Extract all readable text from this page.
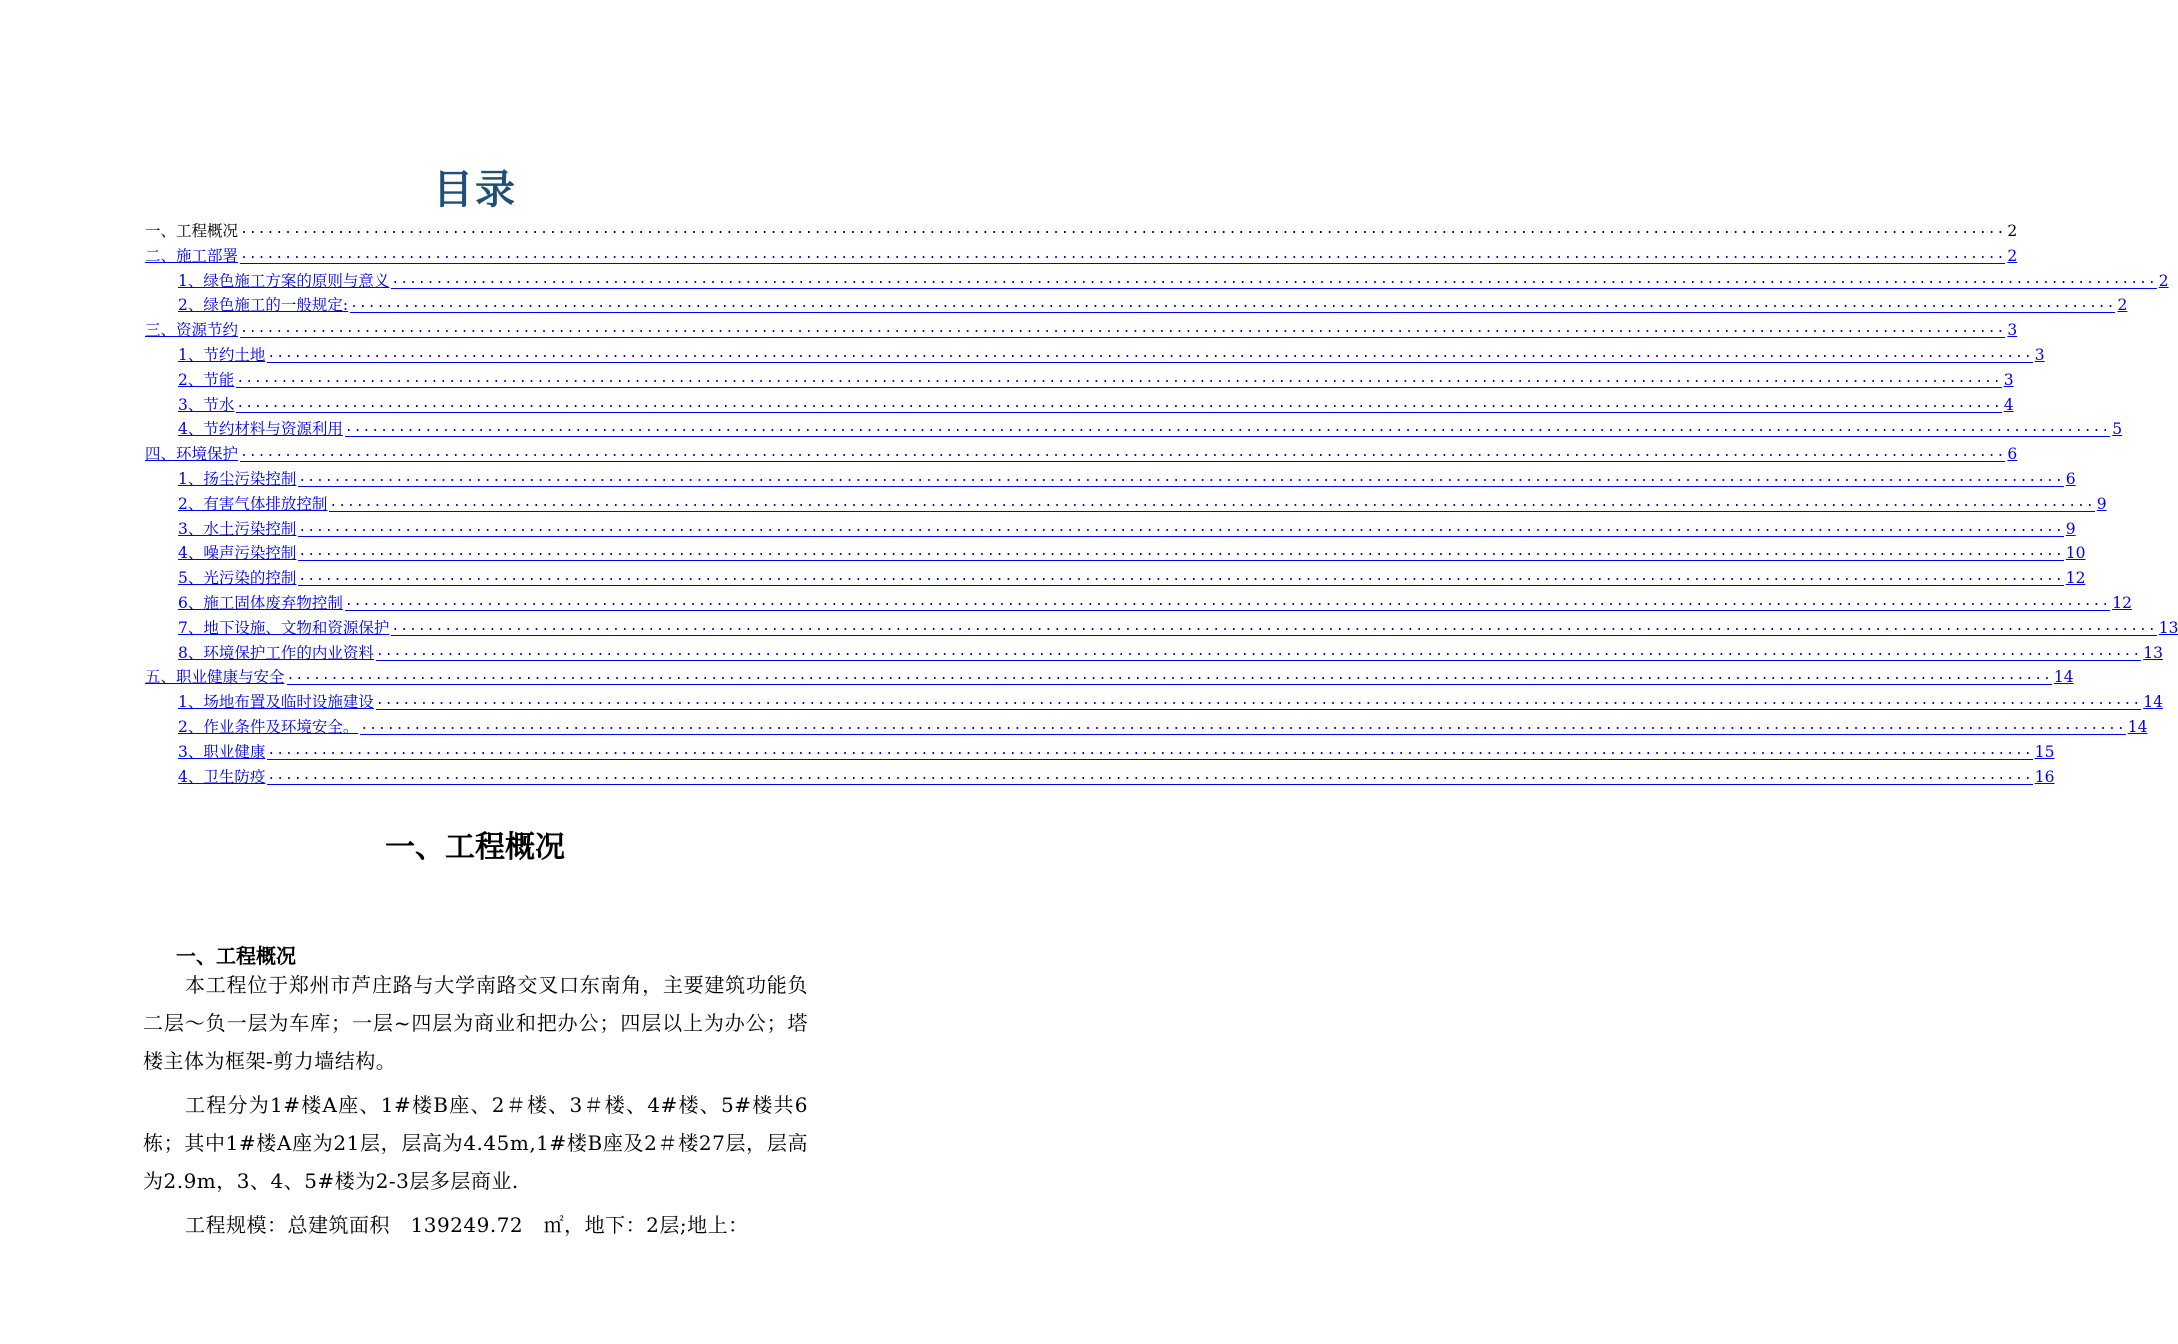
目录
一、工程概况 ........................................................................................................................................................................................................ 2
二、施工部署 ........................................................................................................................................................................................................ 2
1、绿色施工方案的原则与意义 ........................................................................................................................................................................................................ 2
2、绿色施工的一般规定: ........................................................................................................................................................................................................ 2
三、资源节约 ........................................................................................................................................................................................................ 3
1、节约土地 ........................................................................................................................................................................................................ 3
2、节能 ........................................................................................................................................................................................................ 3
3、节水 ........................................................................................................................................................................................................ 4
4、节约材料与资源利用 ........................................................................................................................................................................................................ 5
四、环境保护 ........................................................................................................................................................................................................ 6
1、扬尘污染控制 ........................................................................................................................................................................................................ 6
2、有害气体排放控制 ........................................................................................................................................................................................................ 9
3、水土污染控制 ........................................................................................................................................................................................................ 9
4、噪声污染控制 ........................................................................................................................................................................................................ 10
5、光污染的控制 ........................................................................................................................................................................................................ 12
6、施工固体废弃物控制 ........................................................................................................................................................................................................ 12
7、地下设施、文物和资源保护 ........................................................................................................................................................................................................ 13
8、环境保护工作的内业资料 ........................................................................................................................................................................................................ 13
五、职业健康与安全 ........................................................................................................................................................................................................ 14
1、场地布置及临时设施建设 ........................................................................................................................................................................................................ 14
2、作业条件及环境安全。 ........................................................................................................................................................................................................ 14
3、职业健康 ........................................................................................................................................................................................................ 15
4、卫生防疫 ........................................................................................................................................................................................................ 16
一、工程概况
一、工程概况

本工程位于郑州市芦庄路与大学南路交叉口东南角，主要建筑功能负二层～负一层为车库；一层~四层为商业和把办公；四层以上为办公；塔楼主体为框架-剪力墙结构。

工程分为1#楼A座、1#楼B座、2＃楼、3＃楼、4#楼、5#楼共6栋；其中1#楼A座为21层，层高为4.45m,1#楼B座及2＃楼27层，层高为2.9m，3、4、5#楼为2-3层多层商业.

工程规模：总建筑面积　139249.72　㎡，地下：2层;地上：
